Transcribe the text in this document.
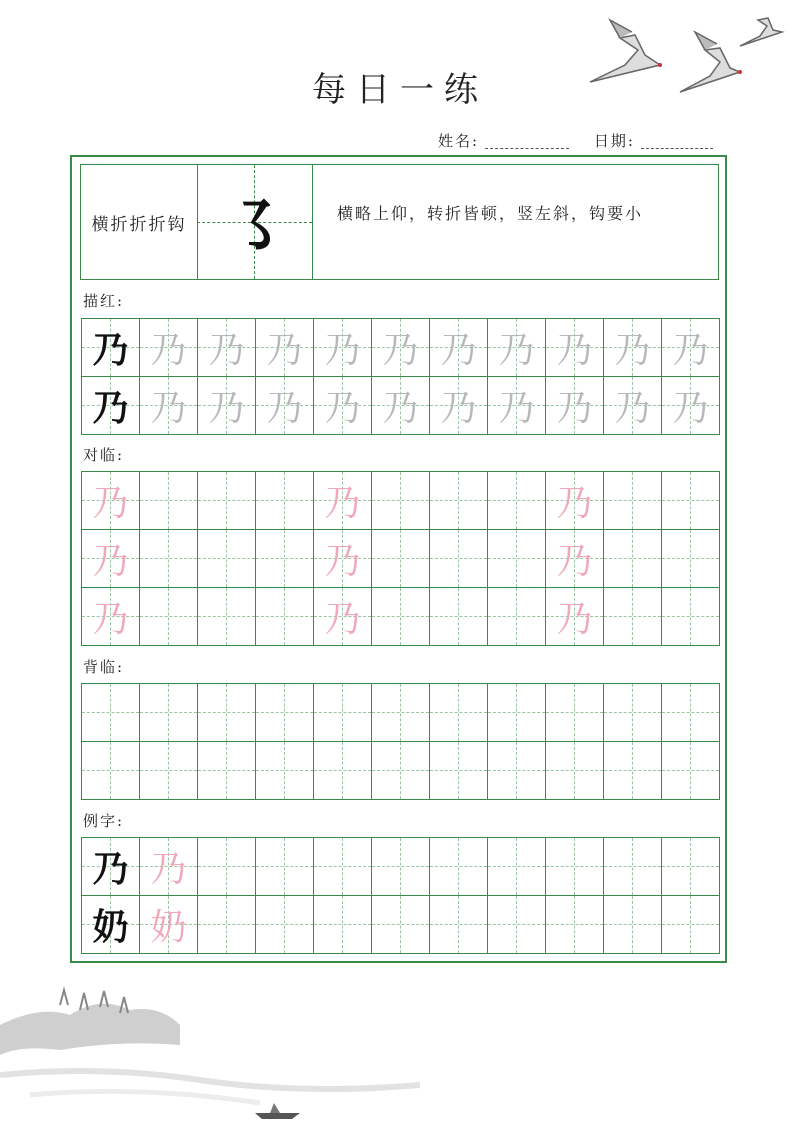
每日一练
姓名:	日期:
横折折折钩 ㇌	横略上仰，转折皆顿，竖左斜，钩要小
描红:
乃 乃 乃 乃 乃 乃 乃 乃 乃 乃 乃
乃 乃 乃 乃 乃 乃 乃 乃 乃 乃 乃
对临:
乃	乃	乃
乃	乃	乃
乃	乃	乃
背临:
例字:
乃 乃
奶 奶
